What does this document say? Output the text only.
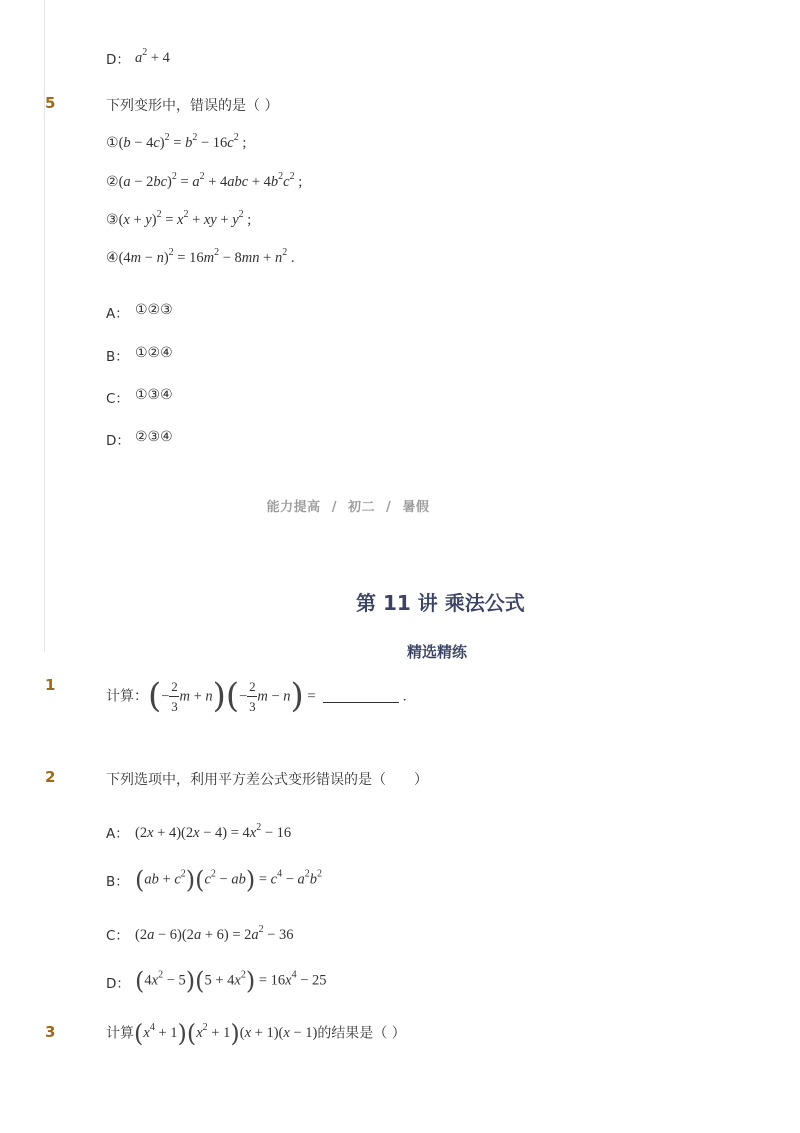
D： $a^2 + 4$
5	下列变形中，错误的是（ ）
①(b − $4c)^2 = b^2 - 16c^2$ ;
②(a − $2bc)^2 = a^2 + 4abc + 4b^2c^2$ ;
③(x + $y)^2 = x^2$ + xy + $y^2$ ;
④(4m − $n)^2 = 16m^2 - 8mn + n^2$ .
A： ①②③
B： ①②④
C： ①③④
D： ②③④
能力提高 / 初二 / 暑假
第 11 讲 乘法公式
精选精练
1
计算：(− $\frac{2}{3}$ $m + n)(- \frac{2}{3}$ m − n) =	.
2	下列选项中，利用平方差公式变形错误的是（　　）
A： $(2x + 4)(2x - 4) = 4x^2 - 16$
B： $(ab + c^2)(c^2 - ab) = c^4 - a^2b^2$
C： $(2a - 6)(2a + 6) = 2a^2 - 36$
D： $(4x^2 - 5)(5 + 4x^2) = 16x^4 - 25$
3	计算$(x^4 + 1)(x^2 + 1)(x + 1)(x - 1)$的结果是（ ）
